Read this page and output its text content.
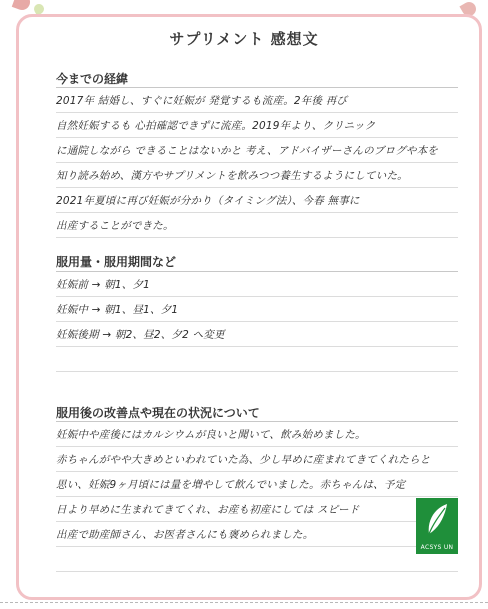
サプリメント 感想文
今までの経緯
2017年 結婚し、すぐに妊娠が 発覚するも流産。2年後 再び
自然妊娠するも 心拍確認できずに流産。2019年より、クリニック
に通院しながら できることはないかと 考え、アドバイザーさんのブログや本を
知り読み始め、漢方やサプリメントを飲みつつ養生するようにしていた。
2021年夏頃に再び妊娠が分かり（タイミング法）、今春 無事に
出産することができた。
服用量・服用期間など
妊娠前 → 朝1、夕1
妊娠中 → 朝1、昼1、夕1
妊娠後期 → 朝2、昼2、夕2 へ変更
服用後の改善点や現在の状況について
妊娠中や産後にはカルシウムが良いと聞いて、飲み始めました。
赤ちゃんがやや大きめといわれていた為、少し早めに産まれてきてくれたらと
思い、妊娠9ヶ月頃には量を増やして飲んでいました。赤ちゃんは、予定
日より早めに生まれてきてくれ、お産も初産にしては スピード
出産で助産師さん、お医者さんにも褒められました。
ACSYS UN
